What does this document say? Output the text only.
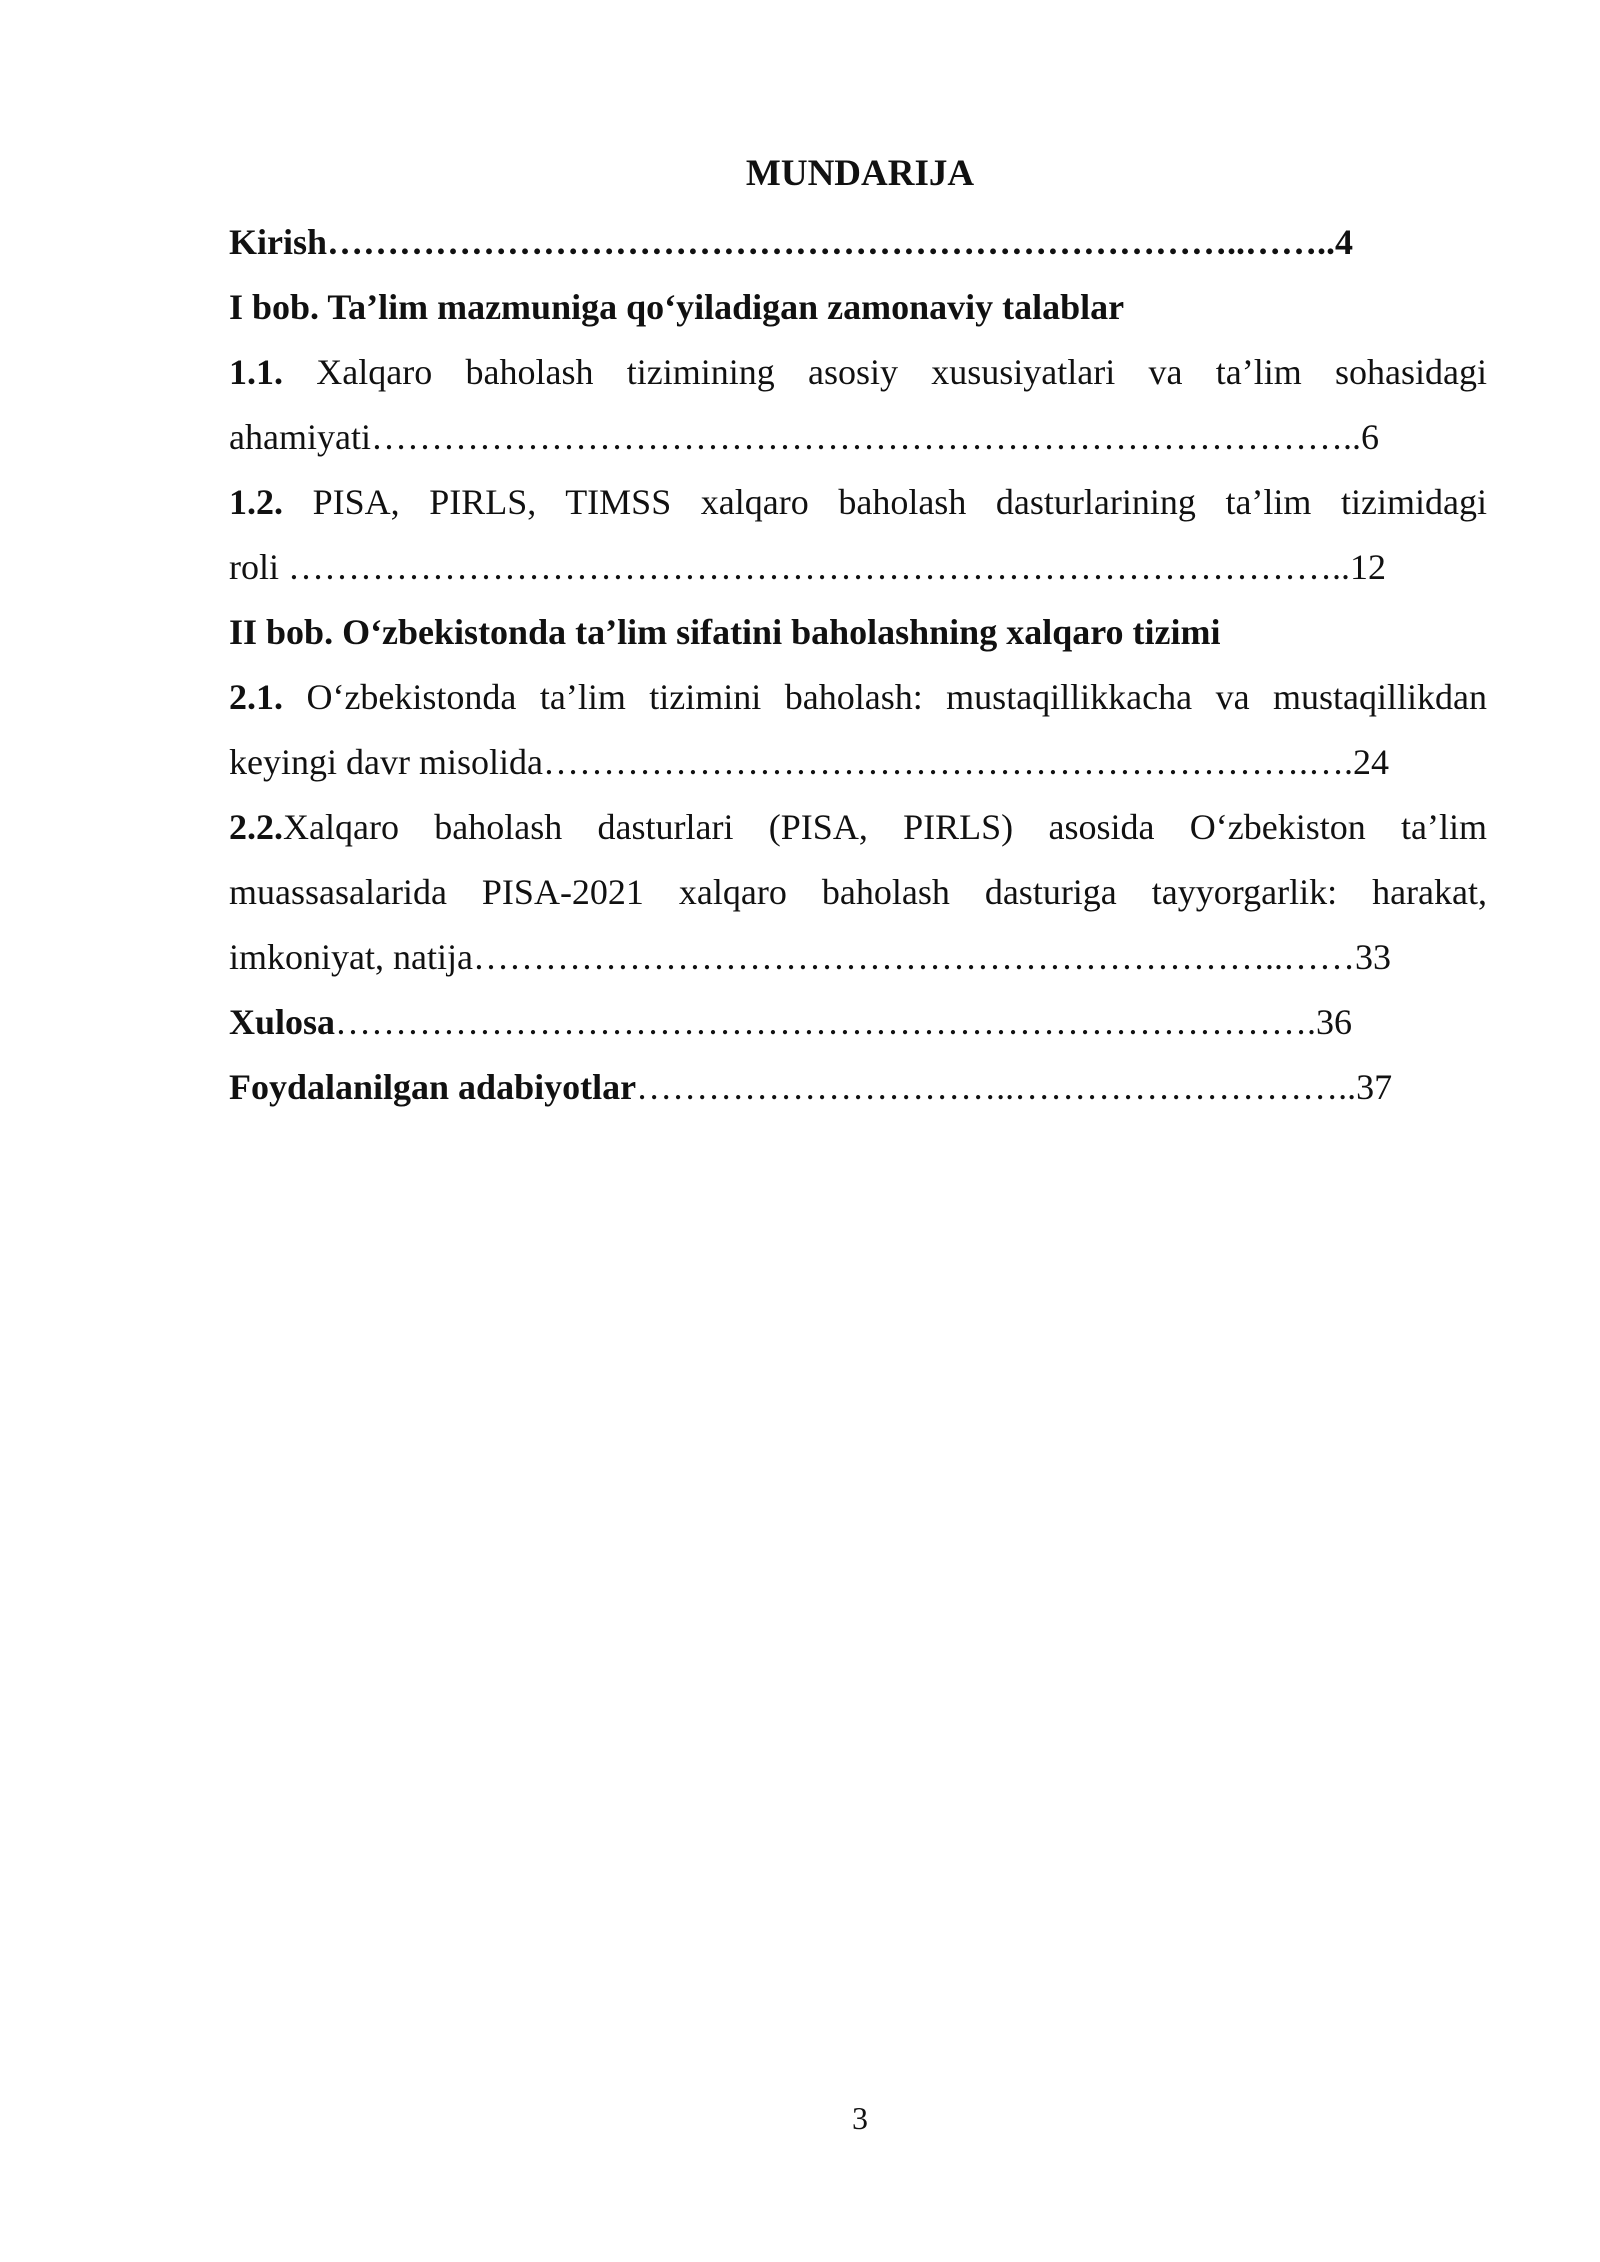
MUNDARIJA
Kirish…………………………………………………………………..……..4
I bob. Ta’lim mazmuniga qo‘yiladigan zamonaviy talablar
1.1. Xalqaro baholash tizimining asosiy xususiyatlari va ta’lim sohasidagi
ahamiyati………………………………………………………………………..6
1.2. PISA, PIRLS, TIMSS xalqaro baholash dasturlarining ta’lim tizimidagi
roli ……………………………………………………………………………..12
II bob. O‘zbekistonda ta’lim sifatini baholashning xalqaro tizimi
2.1. O‘zbekistonda ta’lim tizimini baholash: mustaqillikkacha va mustaqillikdan
keyingi davr misolida……………………………………………………….….24
2.2.Xalqaro baholash dasturlari (PISA, PIRLS) asosida O‘zbekiston ta’lim
muassasalarida PISA-2021 xalqaro baholash dasturiga tayyorgarlik: harakat,
imkoniyat, natija…………………………………………………………..……33
Xulosa……………………………………………………………………….36
Foydalanilgan adabiyotlar…………………………..………………………..37
3
